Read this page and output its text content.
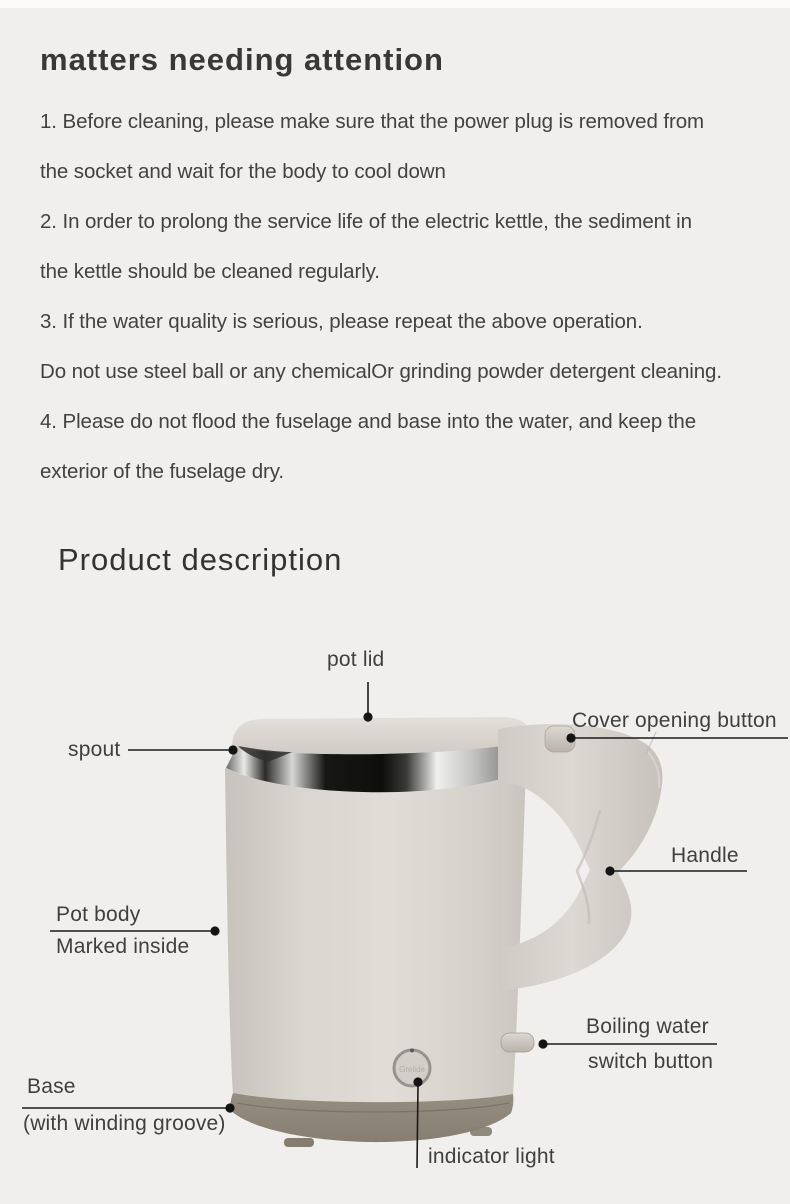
matters needing attention
1. Before cleaning, please make sure that the power plug is removed from
the socket and wait for the body to cool down
2. In order to prolong the service life of the electric kettle, the sediment in
the kettle should be cleaned regularly.
3. If the water quality is serious, please repeat the above operation.
Do not use steel ball or any chemicalOr grinding powder detergent cleaning.
4. Please do not flood the fuselage and base into the water, and keep the
exterior of the fuselage dry.
Product description
Grelide
pot lid
Cover opening button
spout
Handle
Pot body
Marked inside
Boiling water
switch button
Base
(with winding groove)
indicator light
